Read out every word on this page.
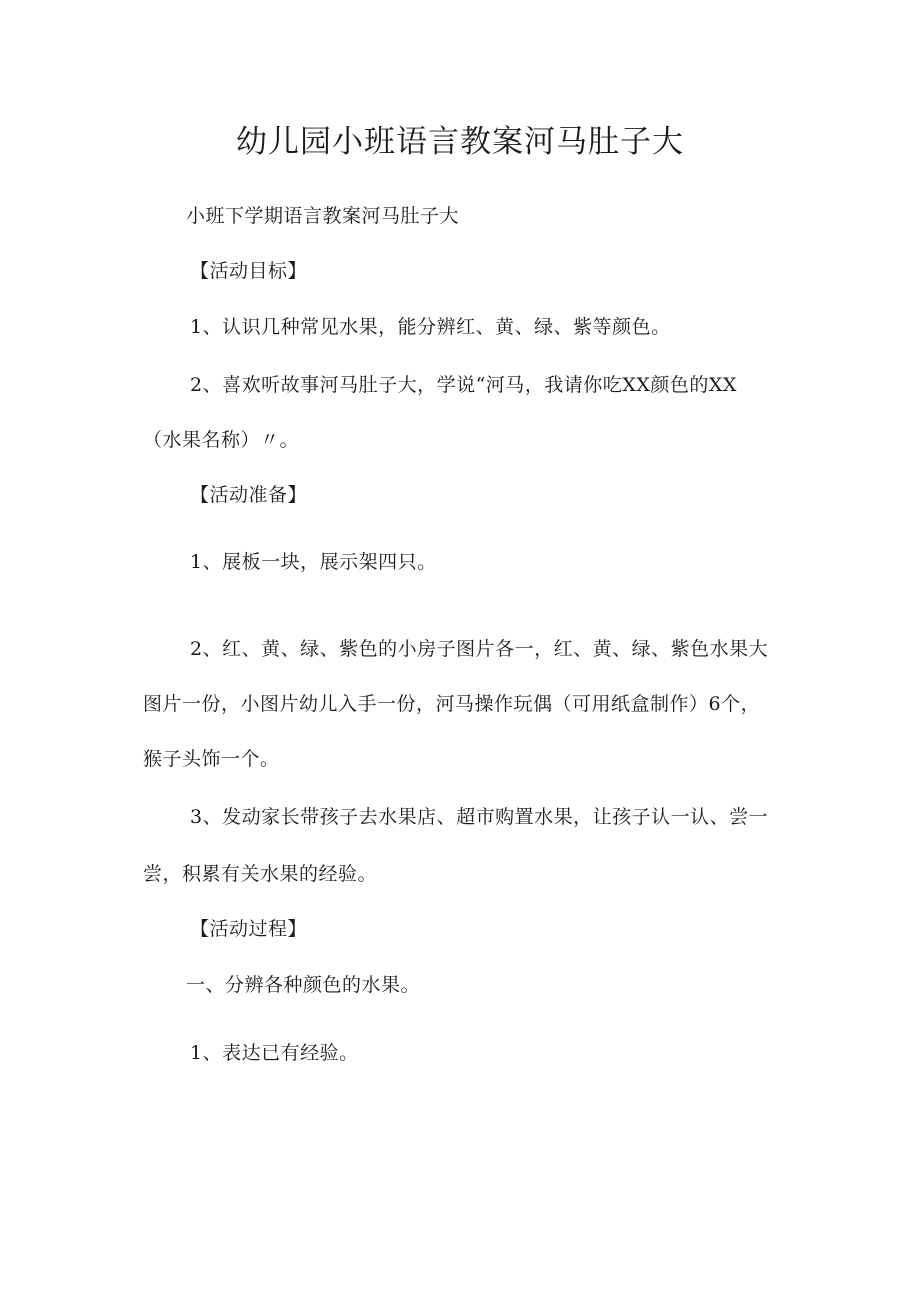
幼儿园小班语言教案河马肚子大
小班下学期语言教案河马肚子大
【活动目标】
1、认识几种常见水果，能分辨红、黄、绿、紫等颜色。
2、喜欢听故事河马肚子大，学说“河马，我请你吃XX颜色的XX
（水果名称）〃。
【活动准备】
1、展板一块，展示架四只。
2、红、黄、绿、紫色的小房子图片各一，红、黄、绿、紫色水果大
图片一份，小图片幼儿入手一份，河马操作玩偶（可用纸盒制作）6个，
猴子头饰一个。
3、发动家长带孩子去水果店、超市购置水果，让孩子认一认、尝一
尝，积累有关水果的经验。
【活动过程】
一、分辨各种颜色的水果。
1、表达已有经验。
